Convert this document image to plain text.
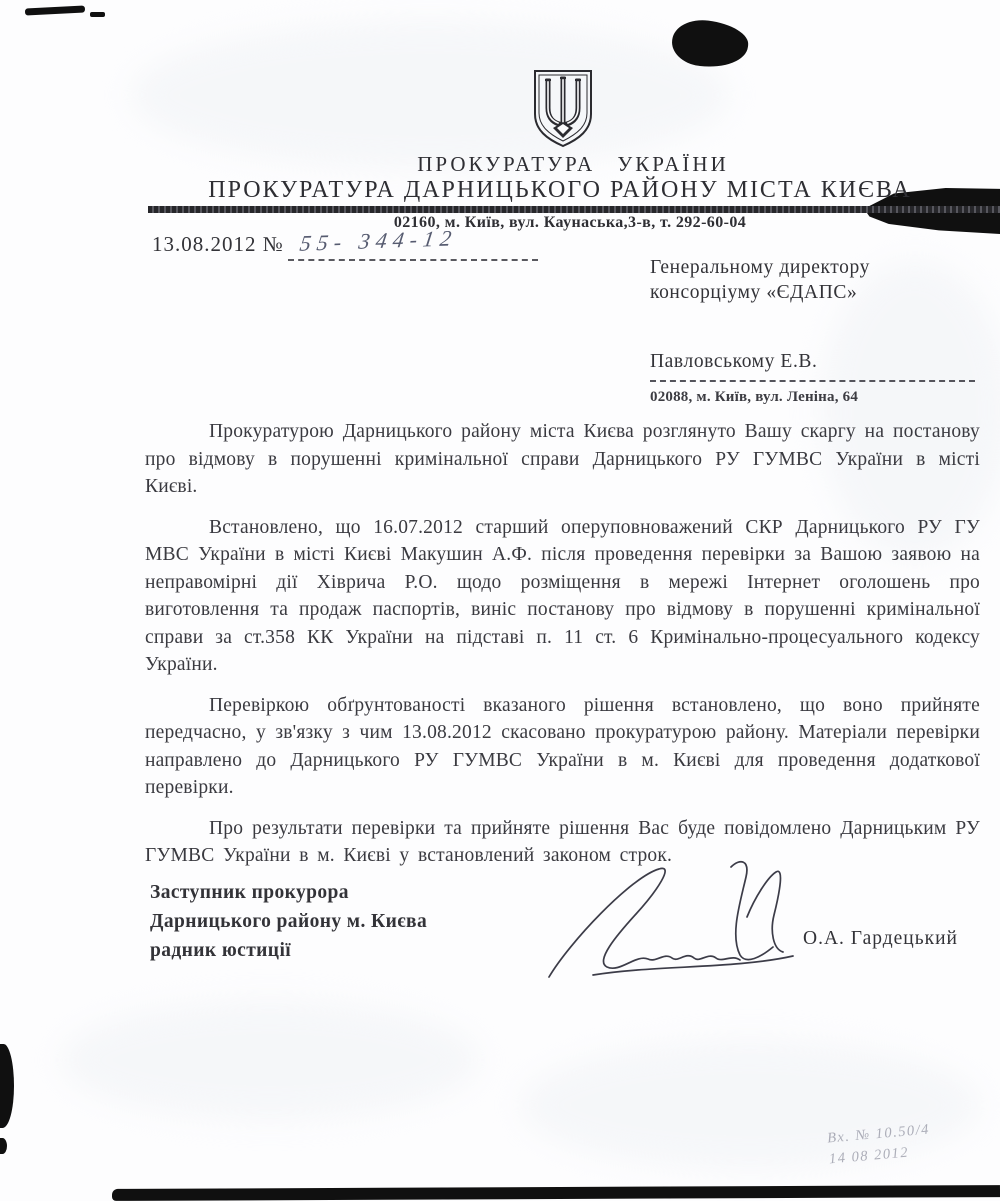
ПРОКУРАТУРА УКРАЇНИ
ПРОКУРАТУРА ДАРНИЦЬКОГО РАЙОНУ МІСТА КИЄВА
02160, м. Київ, вул. Каунаська,3-в, т. 292-60-04
13.08.2012 № 55- 344-12
Генеральному директору
консорціуму «ЄДАПС»
Павловському Е.В.
02088, м. Київ, вул. Леніна, 64

Прокуратурою Дарницького району міста Києва розглянуто Вашу скаргу на постанову про відмову в порушенні кримінальної справи Дарницького РУ ГУМВС України в місті Києві.

Встановлено, що 16.07.2012 старший оперуповноважений СКР Дарницького РУ ГУ МВС України в місті Києві Макушин А.Ф. після проведення перевірки за Вашою заявою на неправомірні дії Хіврича Р.О. щодо розміщення в мережі Інтернет оголошень про виготовлення та продаж паспортів, виніс постанову про відмову в порушенні кримінальної справи за ст.358 КК України на підставі п. 11 ст. 6 Кримінально-процесуального кодексу України.

Перевіркою обґрунтованості вказаного рішення встановлено, що воно прийняте передчасно, у зв'язку з чим 13.08.2012 скасовано прокуратурою району. Матеріали перевірки направлено до Дарницького РУ ГУМВС України в м. Києві для проведення додаткової перевірки.

Про результати перевірки та прийняте рішення Вас буде повідомлено Дарницьким РУ ГУМВС України в м. Києві у встановлений законом строк.

Заступник прокурора
Дарницького району м. Києва
радник юстиції
О.А. Гардецький
Вх. № 10.50/4
14 08 2012
